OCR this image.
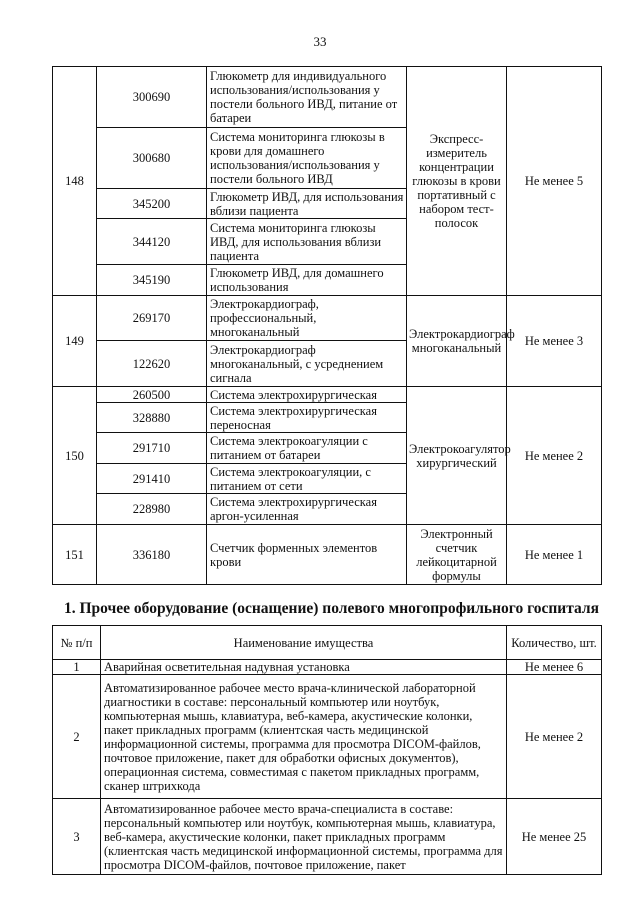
33
148	300690	Глюкометр для индивидуального использования/использования у постели больного ИВД, питание от батареи	Экспресс-измеритель концентрации глюкозы в крови портативный с набором тест-полосок	Не менее 5
	300680	Система мониторинга глюкозы в крови для домашнего использования/использования у постели больного ИВД		
	345200	Глюкометр ИВД, для использования вблизи пациента		
	344120	Система мониторинга глюкозы ИВД, для использования вблизи пациента		
	345190	Глюкометр ИВД, для домашнего использования		
149	269170	Электрокардиограф, профессиональный, многоканальный	Электрокардиограф многоканальный	Не менее 3
	122620	Электрокардиограф многоканальный, с усреднением сигнала		
150	260500	Система электрохирургическая	Электрокоагулятор хирургический	Не менее 2
	328880	Система электрохирургическая переносная		
	291710	Система электрокоагуляции с питанием от батареи		
	291410	Система электрокоагуляции, с питанием от сети		
	228980	Система электрохирургическая аргон-усиленная		
151	336180	Счетчик форменных элементов крови	Электронный счетчик лейкоцитарной формулы	Не менее 1
1. Прочее оборудование (оснащение) полевого многопрофильного госпиталя
№ п/п	Наименование имущества	Количество, шт.
1	Аварийная осветительная надувная установка	Не менее 6
2	Автоматизированное рабочее место врача-клинической лабораторной диагностики в составе: персональный компьютер или ноутбук, компьютерная мышь, клавиатура, веб-камера, акустические колонки, пакет прикладных программ (клиентская часть медицинской информационной системы, программа для просмотра DICOM-файлов, почтовое приложение, пакет для обработки офисных документов), операционная система, совместимая с пакетом прикладных программ, сканер штрихкода	Не менее 2
3	Автоматизированное рабочее место врача-специалиста в составе: персональный компьютер или ноутбук, компьютерная мышь, клавиатура, веб-камера, акустические колонки, пакет прикладных программ (клиентская часть медицинской информационной системы, программа для просмотра DICOM-файлов, почтовое приложение, пакет	Не менее 25
